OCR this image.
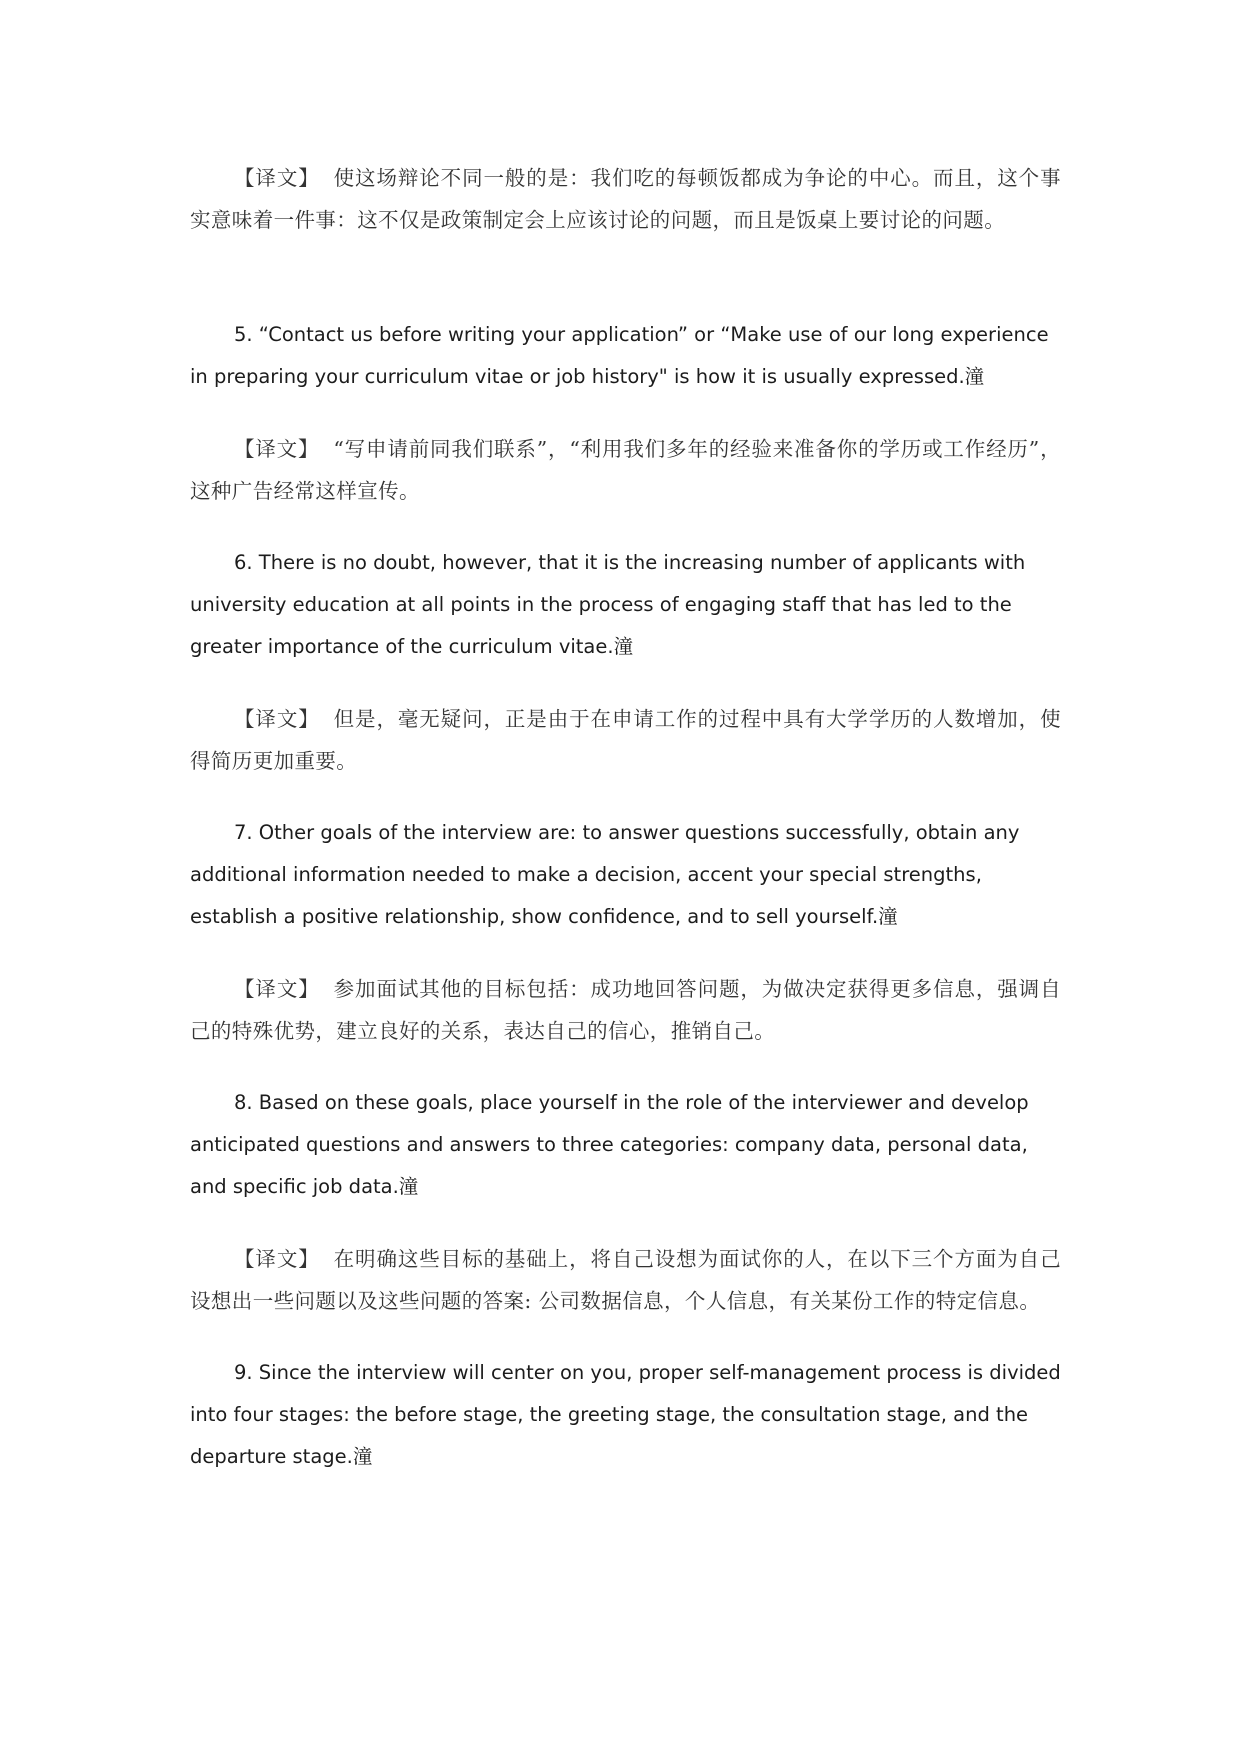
【译文】 使这场辩论不同一般的是：我们吃的每顿饭都成为争论的中心。而且，这个事实意味着一件事：这不仅是政策制定会上应该讨论的问题，而且是饭桌上要讨论的问题。

5. “Contact us before writing your application” or “Make use of our long experience in preparing your curriculum vitae or job history" is how it is usually expressed.潼

【译文】 “写申请前同我们联系”，“利用我们多年的经验来准备你的学历或工作经历”，这种广告经常这样宣传。

6. There is no doubt, however, that it is the increasing number of applicants with university education at all points in the process of engaging staff that has led to the greater importance of the curriculum vitae.潼

【译文】 但是，毫无疑问，正是由于在申请工作的过程中具有大学学历的人数增加，使得简历更加重要。

7. Other goals of the interview are: to answer questions successfully, obtain any additional information needed to make a decision, accent your special strengths, establish a positive relationship, show confidence, and to sell yourself.潼

【译文】 参加面试其他的目标包括：成功地回答问题，为做决定获得更多信息，强调自己的特殊优势，建立良好的关系，表达自己的信心，推销自己。

8. Based on these goals, place yourself in the role of the interviewer and develop anticipated questions and answers to three categories: company data, personal data, and specific job data.潼

【译文】 在明确这些目标的基础上，将自己设想为面试你的人，在以下三个方面为自己设想出一些问题以及这些问题的答案: 公司数据信息，个人信息，有关某份工作的特定信息。

9. Since the interview will center on you, proper self-management process is divided into four stages: the before stage, the greeting stage, the consultation stage, and the departure stage.潼
